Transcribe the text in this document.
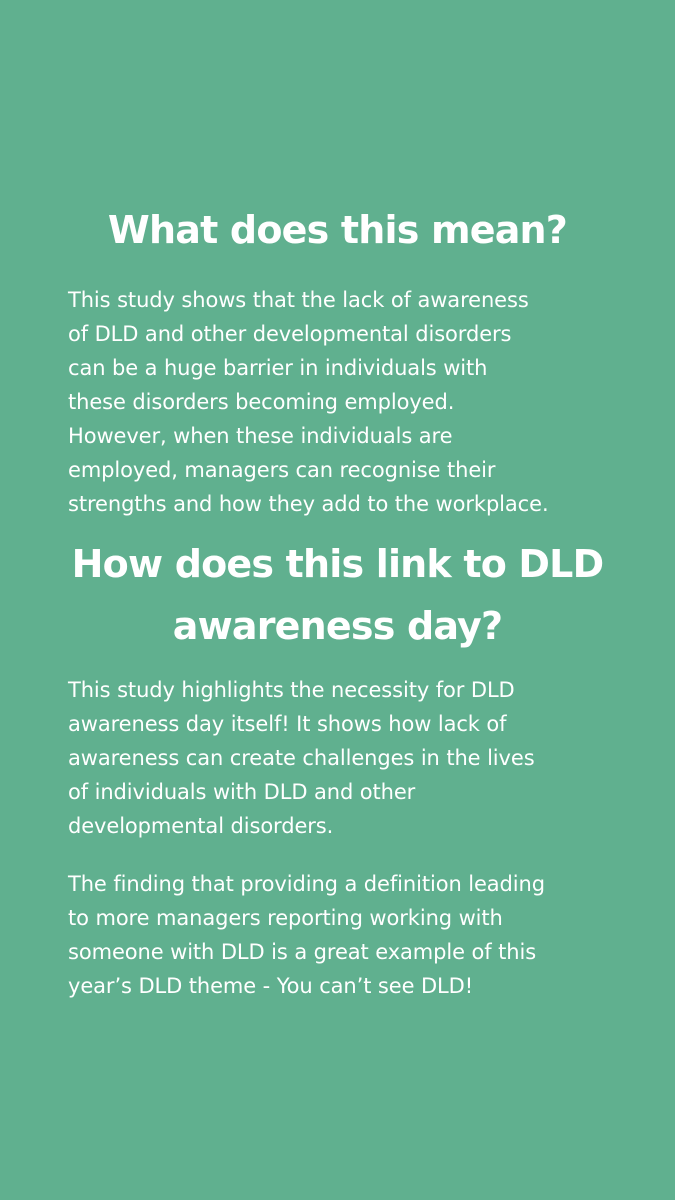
What does this mean?
This study shows that the lack of awareness
of DLD and other developmental disorders
can be a huge barrier in individuals with
these disorders becoming employed.
However, when these individuals are
employed, managers can recognise their
strengths and how they add to the workplace.
How does this link to DLD
awareness day?
This study highlights the necessity for DLD
awareness day itself! It shows how lack of
awareness can create challenges in the lives
of individuals with DLD and other
developmental disorders.
The finding that providing a definition leading
to more managers reporting working with
someone with DLD is a great example of this
year’s DLD theme - You can’t see DLD!
